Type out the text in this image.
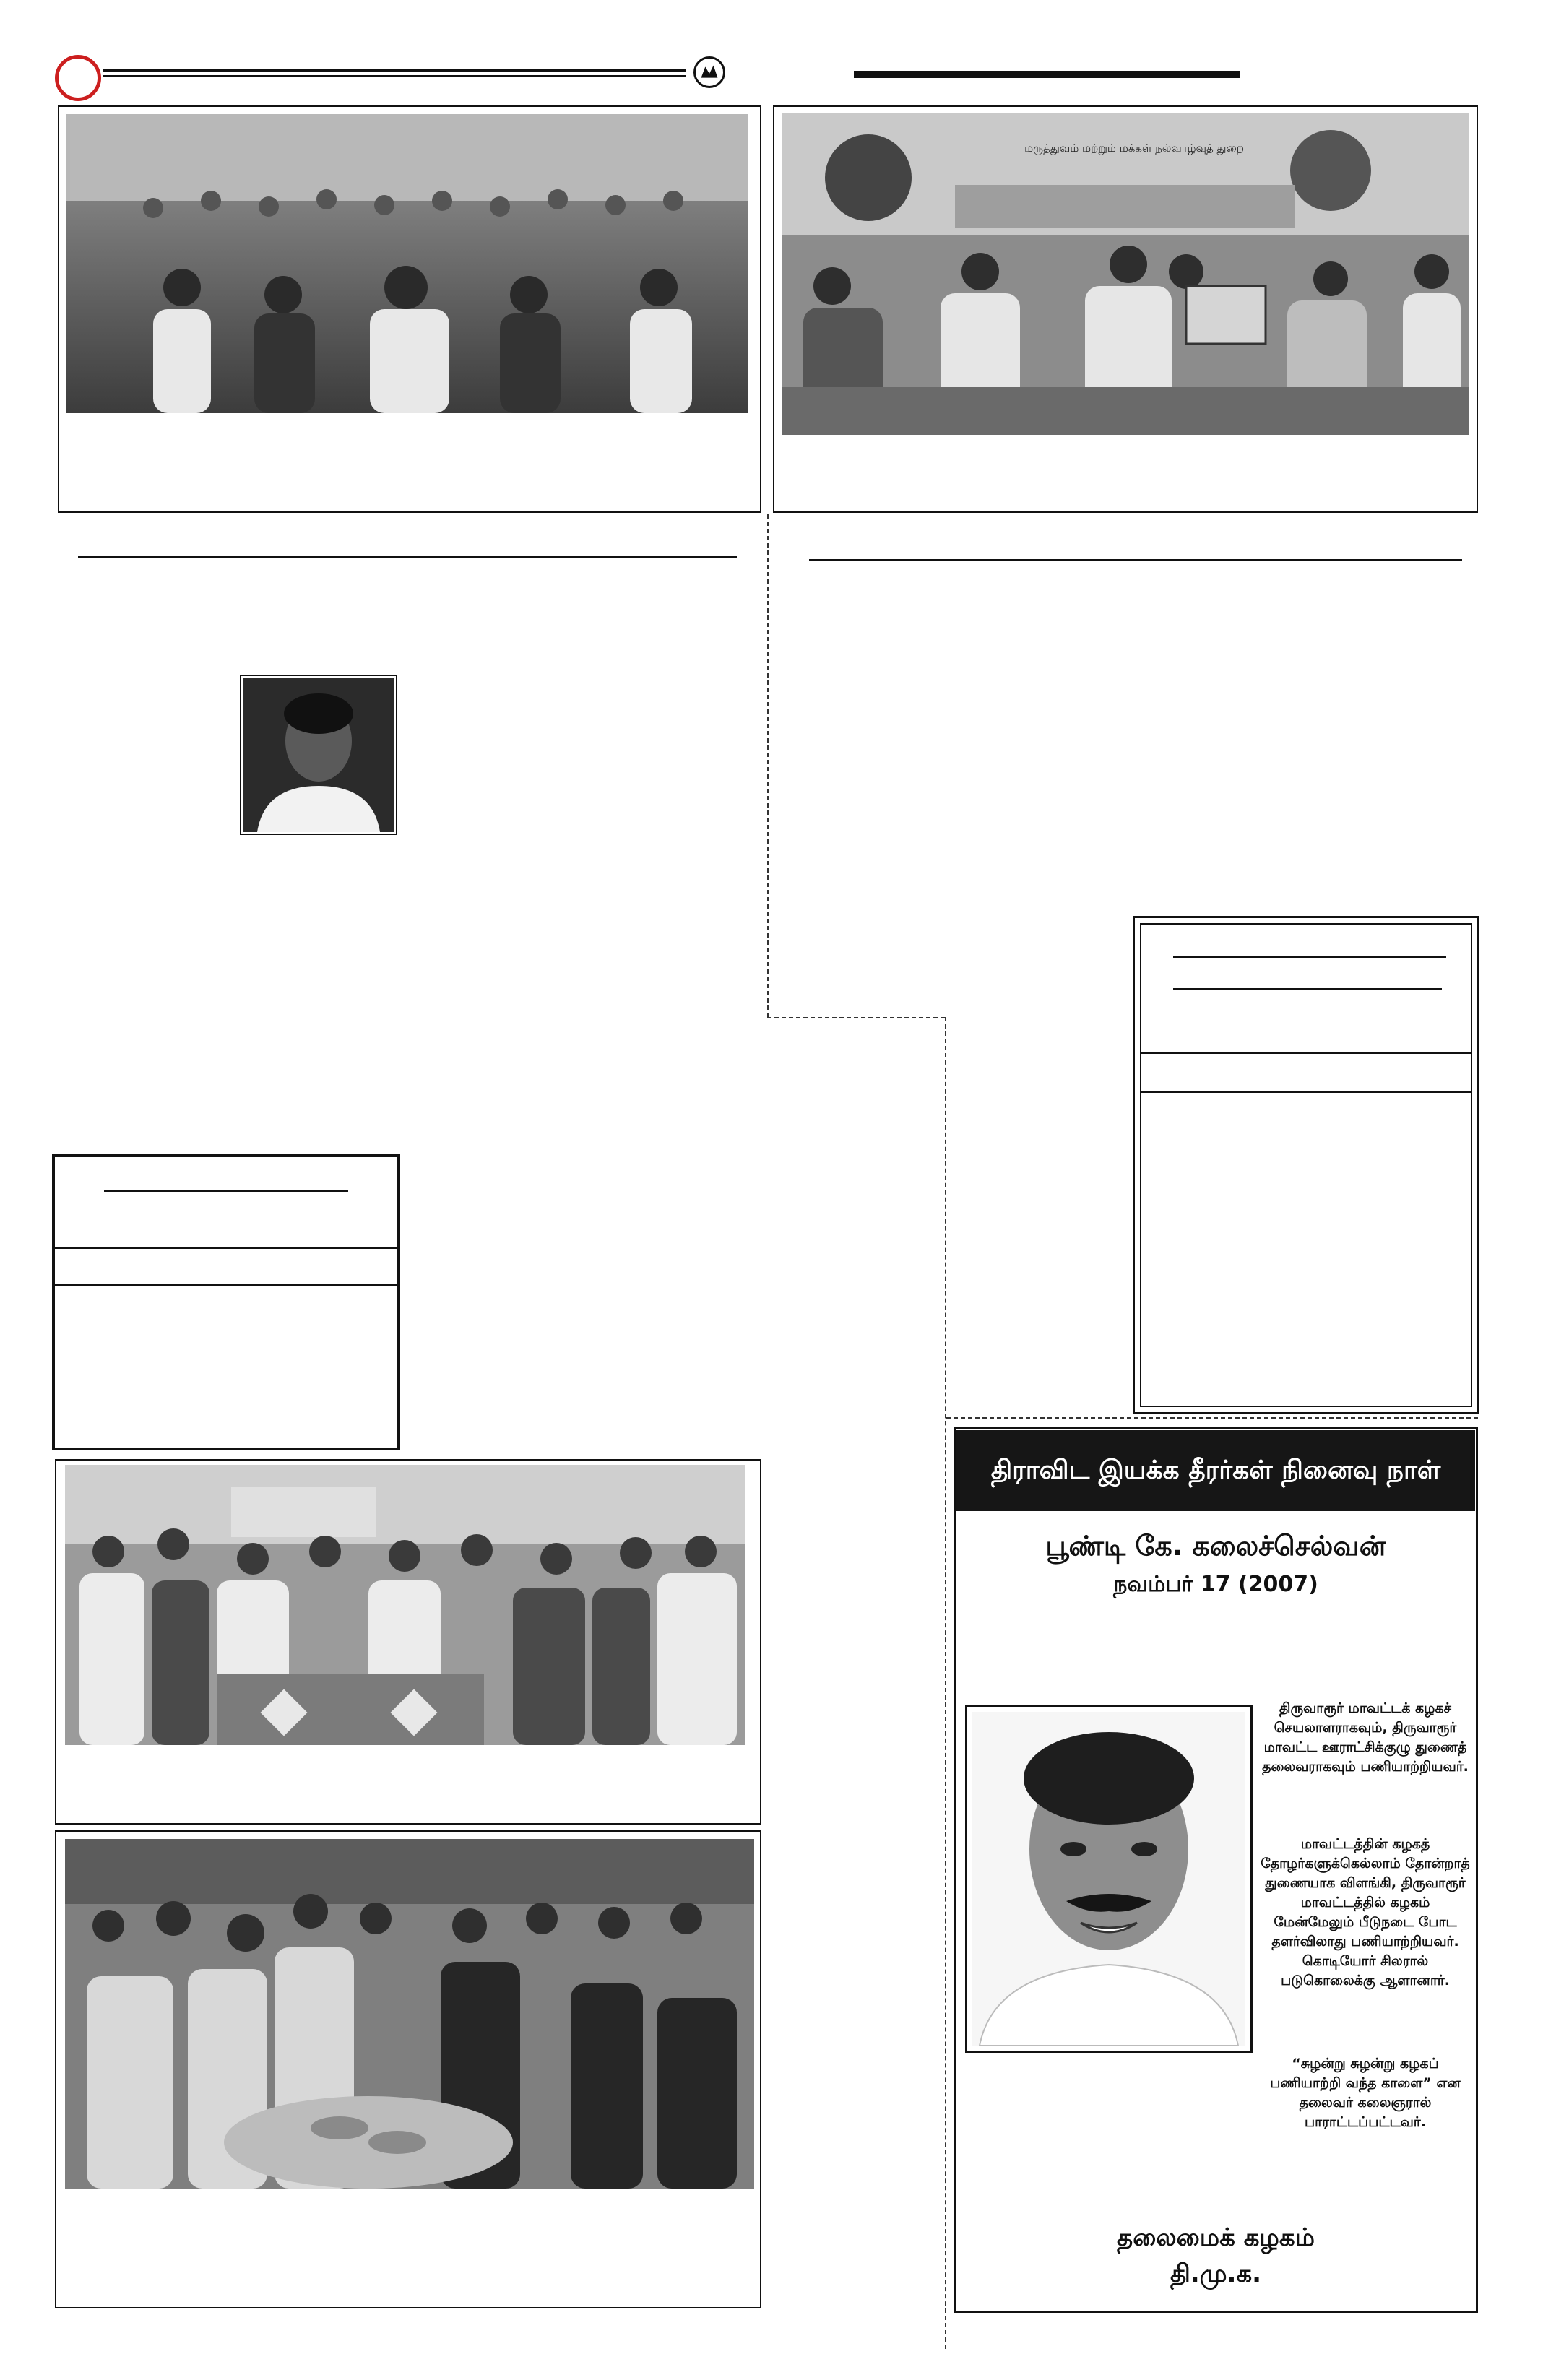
மருத்துவம் மற்றும் மக்கள் நல்வாழ்வுத் துறை
திராவிட இயக்க தீரர்கள் நினைவு நாள்
பூண்டி கே. கலைச்செல்வன்
நவம்பர் 17 (2007)
திருவாரூர் மாவட்டக் கழகச் செயலாளராகவும், திருவாரூர் மாவட்ட ஊராட்சிக்குழு துணைத் தலைவராகவும் பணியாற்றியவர்.
மாவட்டத்தின் கழகத் தோழர்களுக்கெல்லாம் தோன்றாத் துணையாக விளங்கி, திருவாரூர் மாவட்டத்தில் கழகம் மேன்மேலும் பீடுநடை போட தளர்விலாது பணியாற்றியவர். கொடியோர் சிலரால் படுகொலைக்கு ஆளானார்.
“சுழன்று சுழன்று கழகப் பணியாற்றி வந்த காளை” என தலைவர் கலைஞரால் பாராட்டப்பட்டவர்.
தலைமைக் கழகம்
தி.மு.க.
